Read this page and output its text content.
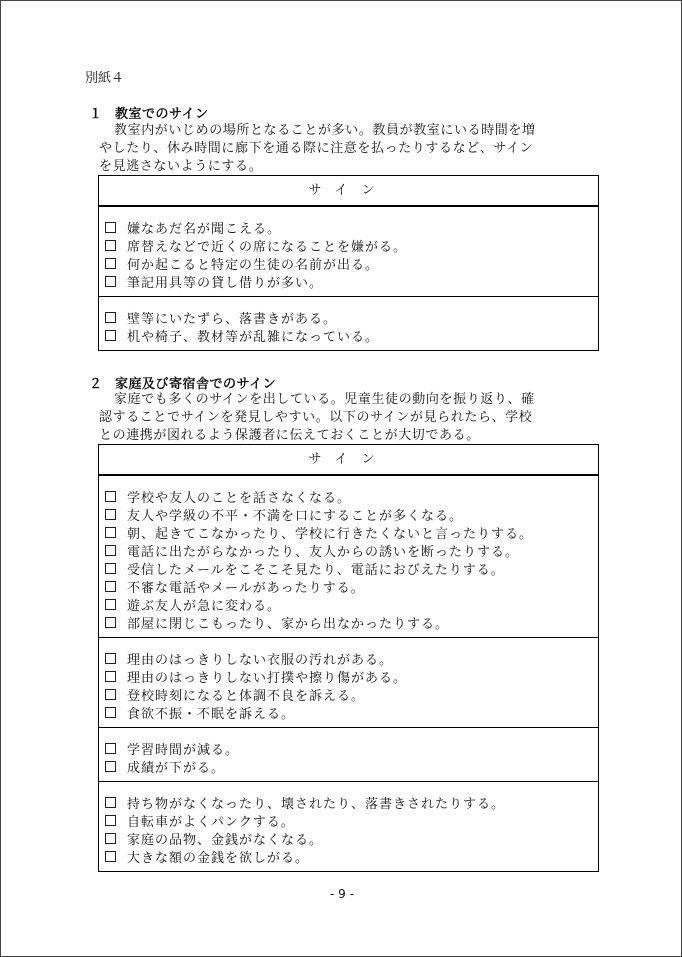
別紙４
１ 教室でのサイン

教室内がいじめの場所となることが多い。教員が教室にいる時間を増

やしたり、休み時間に廊下を通る際に注意を払ったりするなど、サイン

を見逃さないようにする。

サイン
嫌なあだ名が聞こえる。
席替えなどで近くの席になることを嫌がる。
何か起こると特定の生徒の名前が出る。
筆記用具等の貸し借りが多い。
壁等にいたずら、落書きがある。
机や椅子、教材等が乱雑になっている。
２ 家庭及び寄宿舎でのサイン

家庭でも多くのサインを出している。児童生徒の動向を振り返り、確

認することでサインを発見しやすい。以下のサインが見られたら、学校

との連携が図れるよう保護者に伝えておくことが大切である。

サイン
学校や友人のことを話さなくなる。
友人や学級の不平・不満を口にすることが多くなる。
朝、起きてこなかったり、学校に行きたくないと言ったりする。
電話に出たがらなかったり、友人からの誘いを断ったりする。
受信したメールをこそこそ見たり、電話におびえたりする。
不審な電話やメールがあったりする。
遊ぶ友人が急に変わる。
部屋に閉じこもったり、家から出なかったりする。
理由のはっきりしない衣服の汚れがある。
理由のはっきりしない打撲や擦り傷がある。
登校時刻になると体調不良を訴える。
食欲不振・不眠を訴える。
学習時間が減る。
成績が下がる。
持ち物がなくなったり、壊されたり、落書きされたりする。
自転車がよくパンクする。
家庭の品物、金銭がなくなる。
大きな額の金銭を欲しがる。
- 9 -
